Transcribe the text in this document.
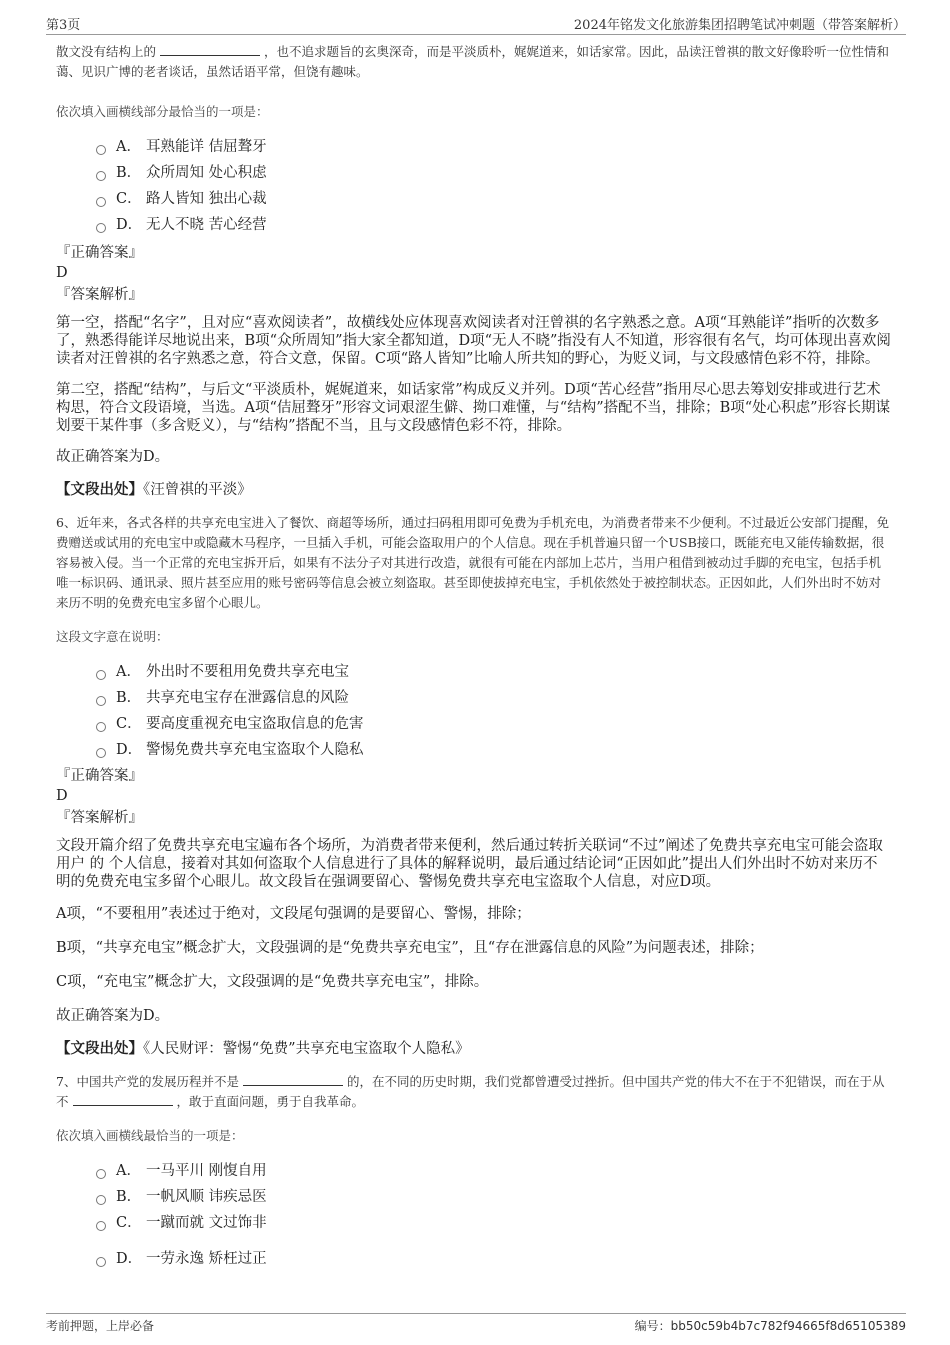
第3页	2024年铭发文化旅游集团招聘笔试冲刺题（带答案解析）

散文没有结构上的	，也不追求题旨的玄奥深奇，而是平淡质朴，娓娓道来，如话家常。因此，品读汪曾祺的散文好像聆听一位性情和蔼、见识广博的老者谈话，虽然话语平常，但饶有趣味。

依次填入画横线部分最恰当的一项是：

A． 耳熟能详 佶屈聱牙
B． 众所周知 处心积虑
C． 路人皆知 独出心裁
D． 无人不晓 苦心经营

『正确答案』

D

『答案解析』

第一空，搭配“名字”，且对应“喜欢阅读者”，故横线处应体现喜欢阅读者对汪曾祺的名字熟悉之意。A项“耳熟能详”指听的次数多了，熟悉得能详尽地说出来，B项“众所周知”指大家全都知道，D项“无人不晓”指没有人不知道，形容很有名气，均可体现出喜欢阅读者对汪曾祺的名字熟悉之意，符合文意，保留。C项“路人皆知”比喻人所共知的野心，为贬义词，与文段感情色彩不符，排除。

第二空，搭配“结构”，与后文“平淡质朴，娓娓道来，如话家常”构成反义并列。D项“苦心经营”指用尽心思去筹划安排或进行艺术构思，符合文段语境，当选。A项“佶屈聱牙”形容文词艰涩生僻、拗口难懂，与“结构”搭配不当，排除；B项“处心积虑”形容长期谋划要干某件事（多含贬义），与“结构”搭配不当，且与文段感情色彩不符，排除。

故正确答案为D。

【文段出处】《汪曾祺的平淡》

6、近年来，各式各样的共享充电宝进入了餐饮、商超等场所，通过扫码租用即可免费为手机充电，为消费者带来不少便利。不过最近公安部门提醒，免费赠送或试用的充电宝中或隐藏木马程序，一旦插入手机，可能会盗取用户的个人信息。现在手机普遍只留一个USB接口，既能充电又能传输数据，很容易被入侵。当一个正常的充电宝拆开后，如果有不法分子对其进行改造，就很有可能在内部加上芯片，当用户租借到被动过手脚的充电宝，包括手机唯一标识码、通讯录、照片甚至应用的账号密码等信息会被立刻盗取。甚至即使拔掉充电宝，手机依然处于被控制状态。正因如此，人们外出时不妨对来历不明的免费充电宝多留个心眼儿。

这段文字意在说明：

A． 外出时不要租用免费共享充电宝
B． 共享充电宝存在泄露信息的风险
C． 要高度重视充电宝盗取信息的危害
D． 警惕免费共享充电宝盗取个人隐私

『正确答案』

D

『答案解析』

文段开篇介绍了免费共享充电宝遍布各个场所，为消费者带来便利，然后通过转折关联词“不过”阐述了免费共享充电宝可能会盗取用户 的 个人信息，接着对其如何盗取个人信息进行了具体的解释说明，最后通过结论词“正因如此”提出人们外出时不妨对来历不明的免费充电宝多留个心眼儿。故文段旨在强调要留心、警惕免费共享充电宝盗取个人信息，对应D项。

A项，“不要租用”表述过于绝对，文段尾句强调的是要留心、警惕，排除；

B项，“共享充电宝”概念扩大，文段强调的是“免费共享充电宝”，且“存在泄露信息的风险”为问题表述，排除；

C项，“充电宝”概念扩大，文段强调的是“免费共享充电宝”，排除。

故正确答案为D。

【文段出处】《人民财评：警惕“免费”共享充电宝盗取个人隐私》

7、中国共产党的发展历程并不是	的，在不同的历史时期，我们党都曾遭受过挫折。但中国共产党的伟大不在于不犯错误，而在于从不	，敢于直面问题，勇于自我革命。

依次填入画横线最恰当的一项是：

A． 一马平川 刚愎自用
B． 一帆风顺 讳疾忌医
C． 一蹴而就 文过饰非
D． 一劳永逸 矫枉过正
考前押题，上岸必备	编号：bb50c59b4b7c782f94665f8d65105389
